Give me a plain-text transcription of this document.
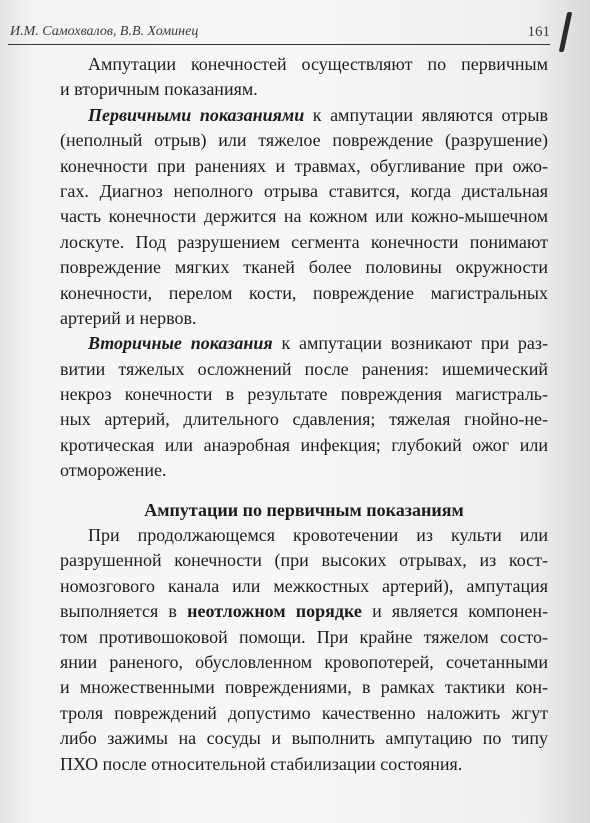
И.М. Самохвалов, В.В. Хоминец	161
Ампутации конечностей осуществляют по первичным
и вторичным показаниям.
Первичными показаниями к ампутации являются отрыв
(неполный отрыв) или тяжелое повреждение (разрушение)
конечности при ранениях и травмах, обугливание при ожо-
гах. Диагноз неполного отрыва ставится, когда дистальная
часть конечности держится на кожном или кожно-мышечном
лоскуте. Под разрушением сегмента конечности понимают
повреждение мягких тканей более половины окружности
конечности, перелом кости, повреждение магистральных
артерий и нервов.
Вторичные показания к ампутации возникают при раз-
витии тяжелых осложнений после ранения: ишемический
некроз конечности в результате повреждения магистраль-
ных артерий, длительного сдавления; тяжелая гнойно-не-
кротическая или анаэробная инфекция; глубокий ожог или
отморожение.
Ампутации по первичным показаниям
При продолжающемся кровотечении из культи или
разрушенной конечности (при высоких отрывах, из кост-
номозгового канала или межкостных артерий), ампутация
выполняется в неотложном порядке и является компонен-
том противошоковой помощи. При крайне тяжелом состо-
янии раненого, обусловленном кровопотерей, сочетанными
и множественными повреждениями, в рамках тактики кон-
троля повреждений допустимо качественно наложить жгут
либо зажимы на сосуды и выполнить ампутацию по типу
ПХО после относительной стабилизации состояния.
